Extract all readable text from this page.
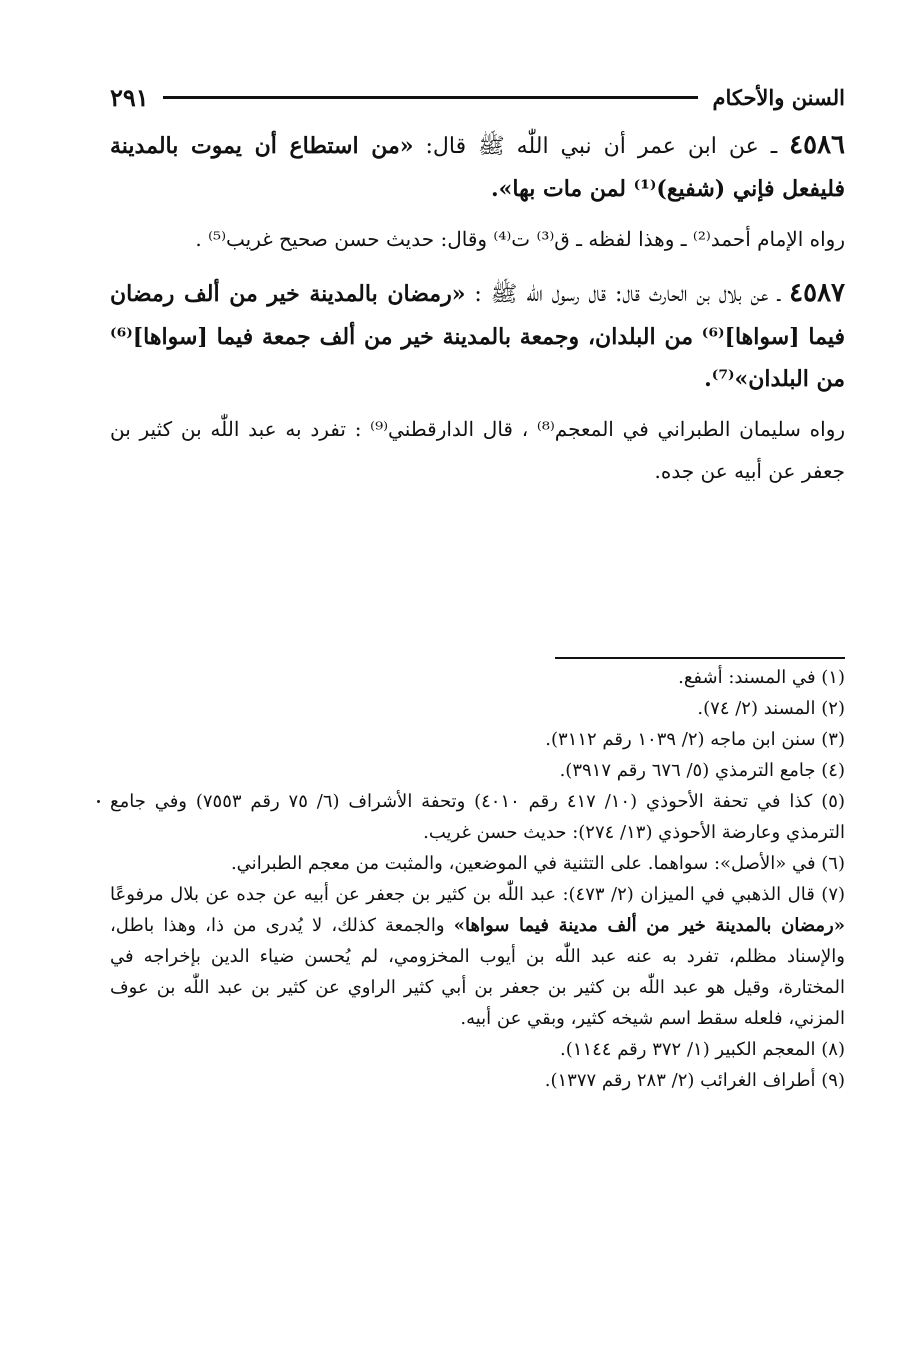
السنن والأحكام
٢٩١

٤٥٨٦ ـ عن ابن عمر أن نبي اللّٰه ﷺ قال: «من استطاع أن يموت بالمدينة فليفعل فإني (شفيع)⁽¹⁾ لمن مات بها».

رواه الإمام أحمد⁽²⁾ ـ وهذا لفظه ـ ق⁽³⁾ ت⁽⁴⁾ وقال: حديث حسن صحيح غريب⁽⁵⁾ .

٤٥٨٧ ـ عن بلال بن الحارث قال: قال رسول اللّٰه ﷺ : «رمضان بالمدينة خير من ألف رمضان فيما [سواها]⁽⁶⁾ من البلدان، وجمعة بالمدينة خير من ألف جمعة فيما [سواها]⁽⁶⁾من البلدان»⁽⁷⁾.

رواه سليمان الطبراني في المعجم⁽⁸⁾ ، قال الدارقطني⁽⁹⁾ : تفرد به عبد اللّٰه بن كثير بن جعفر عن أبيه عن جده.

(١) في المسند: أشفع.
(٢) المسند (٢/ ٧٤).
(٣) سنن ابن ماجه (٢/ ١٠٣٩ رقم ٣١١٢).
(٤) جامع الترمذي (٥/ ٦٧٦ رقم ٣٩١٧).
(٥) كذا في تحفة الأحوذي (١٠/ ٤١٧ رقم ٤٠١٠) وتحفة الأشراف (٦/ ٧٥ رقم ٧٥٥٣) وفي جامع الترمذي وعارضة الأحوذي (١٣/ ٢٧٤): حديث حسن غريب.
(٦) في «الأصل»: سواهما. على التثنية في الموضعين، والمثبت من معجم الطبراني.
(٧) قال الذهبي في الميزان (٢/ ٤٧٣): عبد اللّٰه بن كثير بن جعفر عن أبيه عن جده عن بلال مرفوعًا «رمضان بالمدينة خير من ألف مدينة فيما سواها» والجمعة كذلك، لا يُدرى من ذا، وهذا باطل، والإسناد مظلم، تفرد به عنه عبد اللّٰه بن أيوب المخزومي، لم يُحسن ضياء الدين بإخراجه في المختارة، وقيل هو عبد اللّٰه بن كثير بن جعفر بن أبي كثير الراوي عن كثير بن عبد اللّٰه بن عوف المزني، فلعله سقط اسم شيخه كثير، وبقي عن أبيه.
(٨) المعجم الكبير (١/ ٣٧٢ رقم ١١٤٤).
(٩) أطراف الغرائب (٢/ ٢٨٣ رقم ١٣٧٧).
